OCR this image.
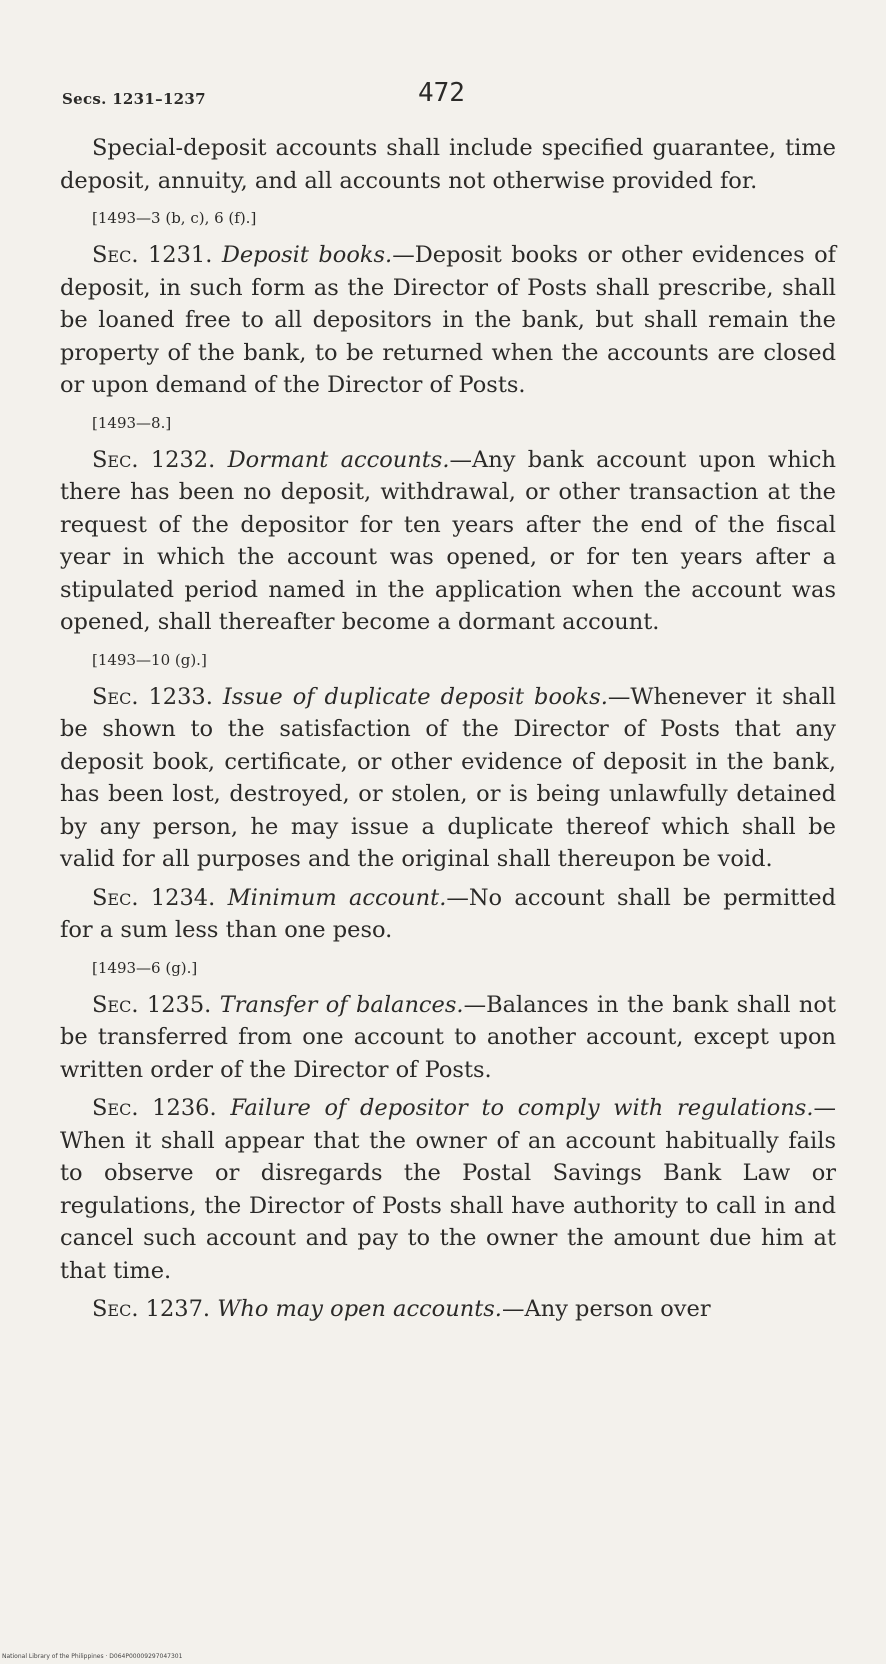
Secs. 1231–1237	472

Special-deposit accounts shall include specified guarantee, time deposit, annuity, and all accounts not otherwise provided for.

[1493—3 (b, c), 6 (f).]

Sec. 1231. Deposit books.—Deposit books or other evidences of deposit, in such form as the Director of Posts shall prescribe, shall be loaned free to all depositors in the bank, but shall remain the property of the bank, to be returned when the accounts are closed or upon demand of the Director of Posts.

[1493—8.]

Sec. 1232. Dormant accounts.—Any bank account upon which there has been no deposit, withdrawal, or other transaction at the request of the depositor for ten years after the end of the fiscal year in which the account was opened, or for ten years after a stipulated period named in the application when the account was opened, shall thereafter become a dormant account.

[1493—10 (g).]

Sec. 1233. Issue of duplicate deposit books.—Whenever it shall be shown to the satisfaction of the Director of Posts that any deposit book, certificate, or other evidence of deposit in the bank, has been lost, destroyed, or stolen, or is being unlawfully detained by any person, he may issue a duplicate thereof which shall be valid for all purposes and the original shall thereupon be void.

Sec. 1234. Minimum account.—No account shall be permitted for a sum less than one peso.

[1493—6 (g).]

Sec. 1235. Transfer of balances.—Balances in the bank shall not be transferred from one account to another account, except upon written order of the Director of Posts.

Sec. 1236. Failure of depositor to comply with regulations.—When it shall appear that the owner of an account habitually fails to observe or disregards the Postal Savings Bank Law or regulations, the Director of Posts shall have authority to call in and cancel such account and pay to the owner the amount due him at that time.

Sec. 1237. Who may open accounts.—Any person over

National Library of the Philippines · D064P00009297047301
